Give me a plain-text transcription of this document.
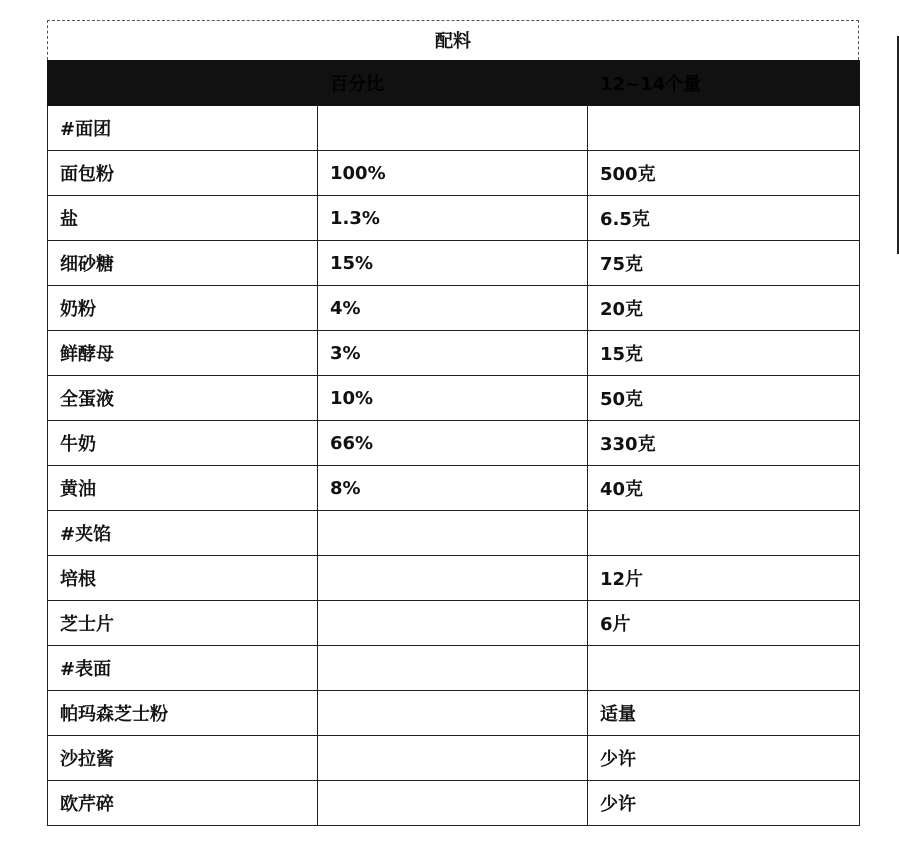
配料
	百分比	12~14个量
#面团		
面包粉	100%	500克
盐	1.3%	6.5克
细砂糖	15%	75克
奶粉	4%	20克
鲜酵母	3%	15克
全蛋液	10%	50克
牛奶	66%	330克
黄油	8%	40克
#夹馅		
培根		12片
芝士片		6片
#表面		
帕玛森芝士粉		适量
沙拉酱		少许
欧芹碎		少许
